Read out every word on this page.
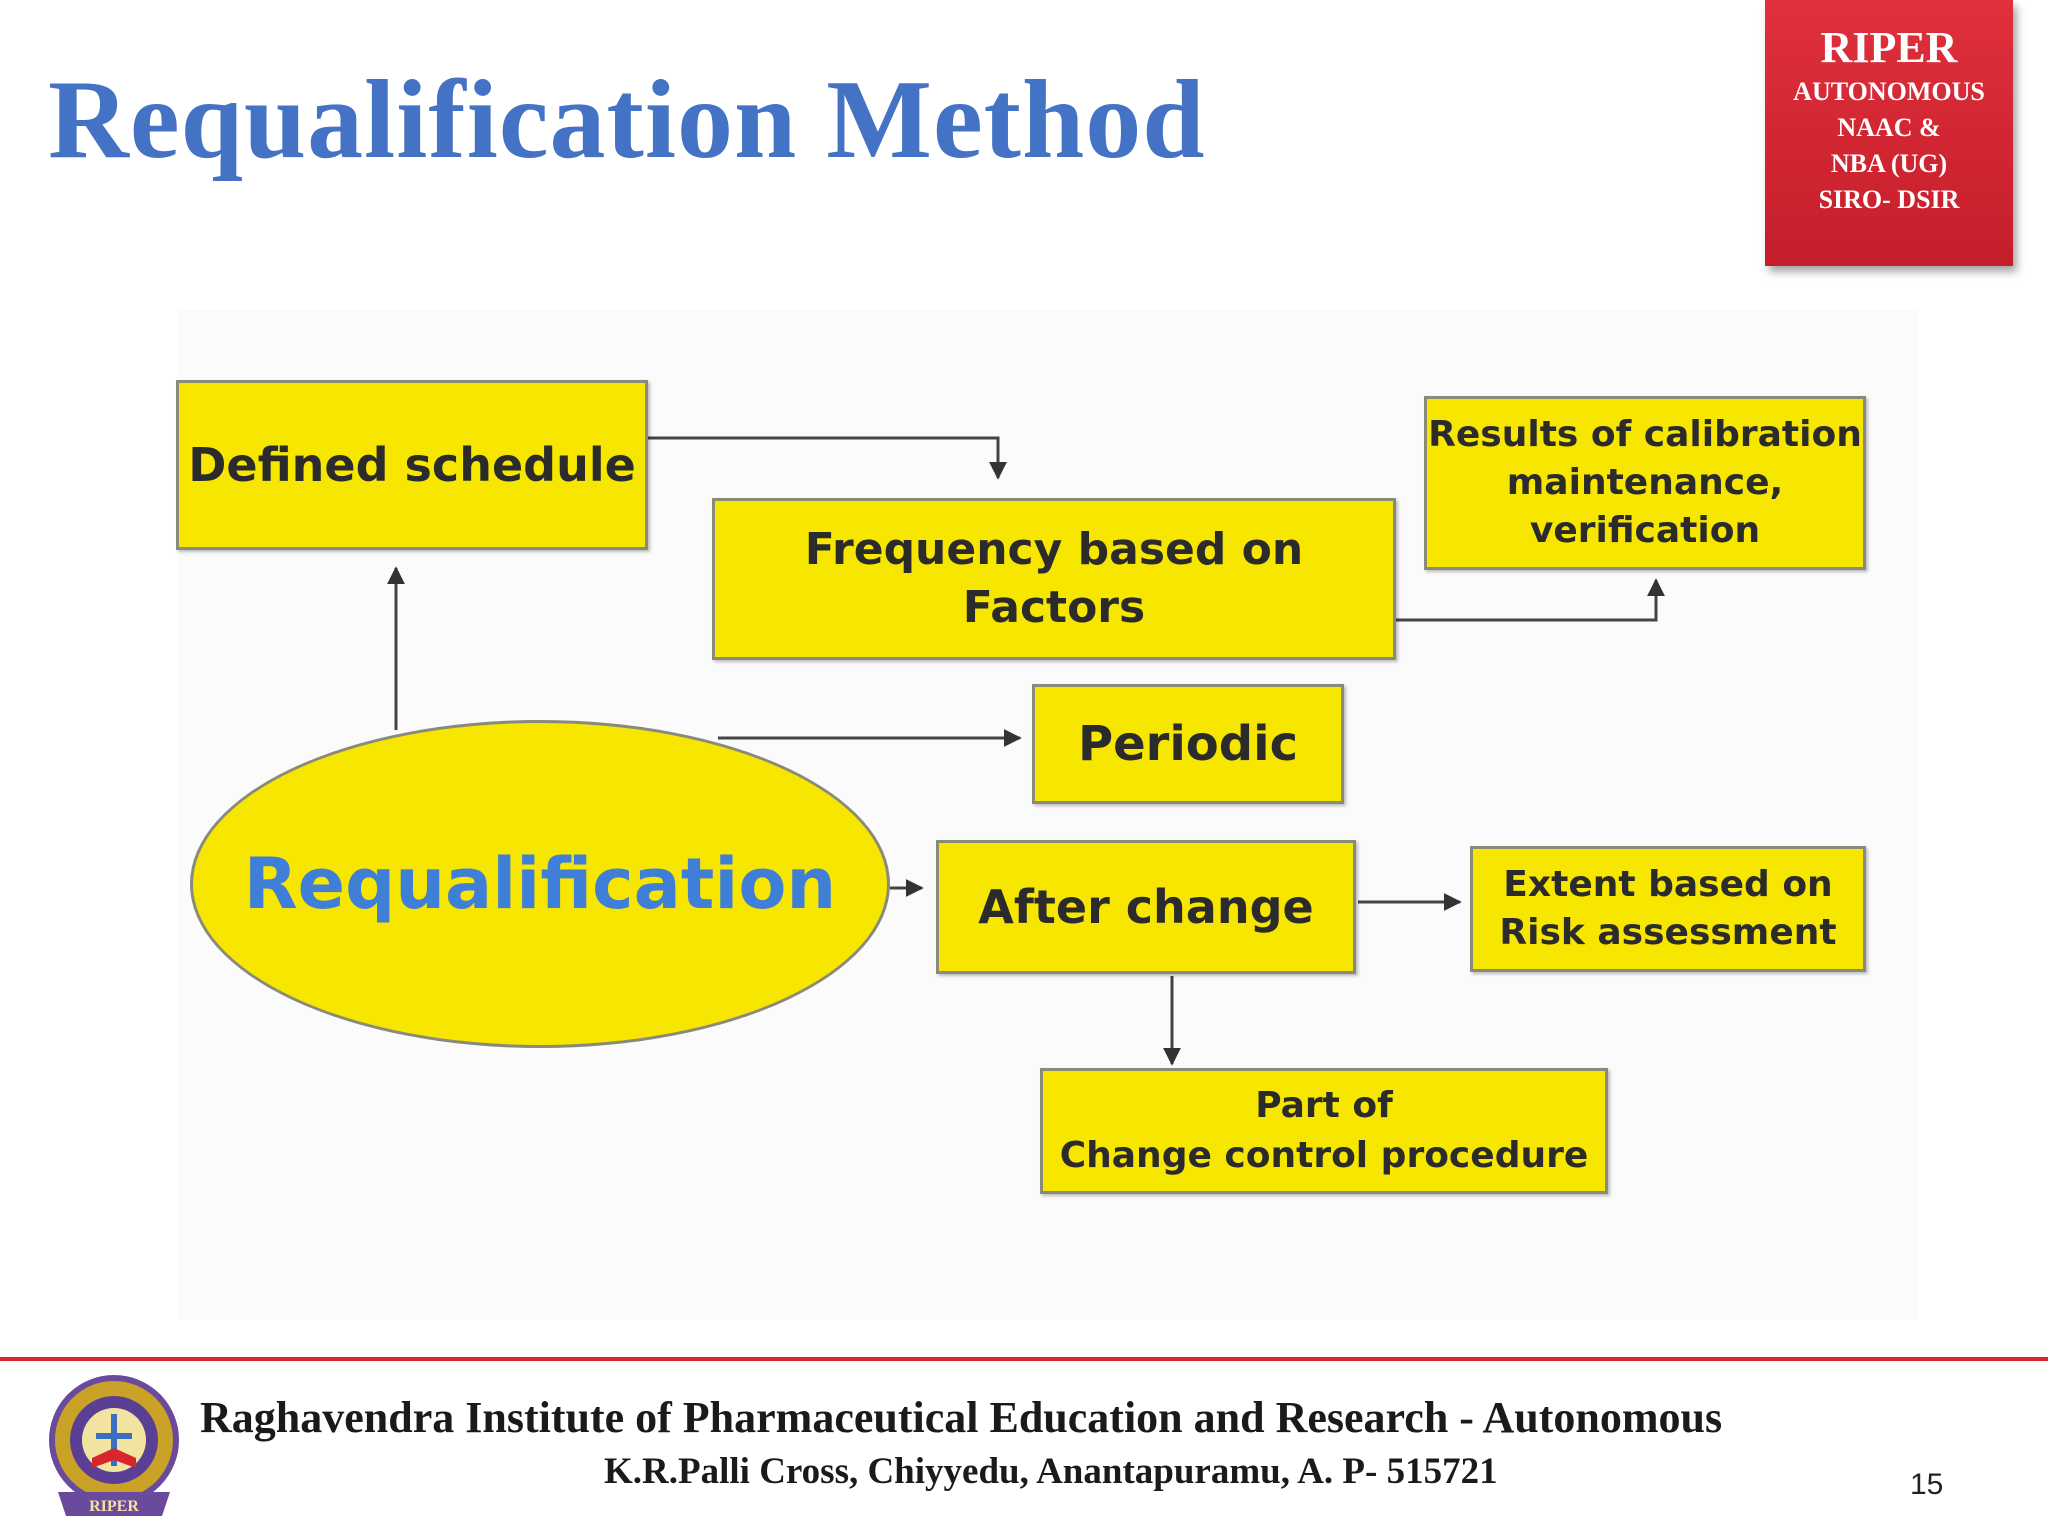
Requalification Method
RIPER
AUTONOMOUS
NAAC &
NBA (UG)
SIRO- DSIR
Defined schedule
Frequency based on
Factors
Results of calibration
maintenance,
verification
Periodic
Requalification	After change	Extent based on
Risk assessment
Part of
Change control procedure
RIPER
Raghavendra Institute of Pharmaceutical Education and Research - Autonomous
K.R.Palli Cross, Chiyyedu, Anantapuramu, A. P- 515721	15
